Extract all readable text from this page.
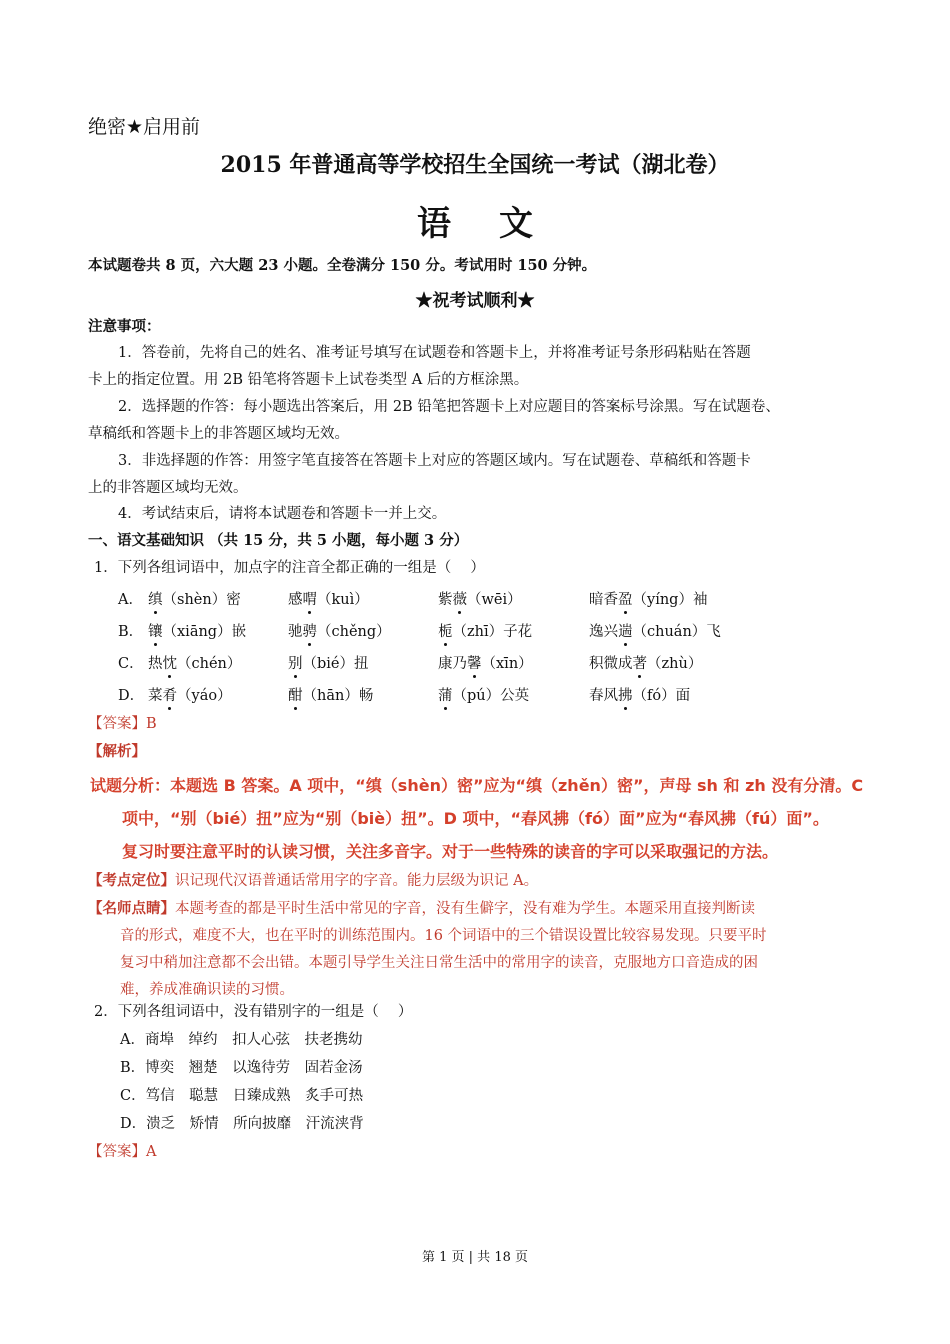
绝密★启用前
2015 年普通高等学校招生全国统一考试（湖北卷）
语文
本试题卷共 8 页，六大题 23 小题。全卷满分 150 分。考试用时 150 分钟。
★祝考试顺利★
注意事项：
1．答卷前，先将自己的姓名、准考证号填写在试题卷和答题卡上，并将准考证号条形码粘贴在答题
卡上的指定位置。用 2B 铅笔将答题卡上试卷类型 A 后的方框涂黑。
2．选择题的作答：每小题选出答案后，用 2B 铅笔把答题卡上对应题目的答案标号涂黑。写在试题卷、
草稿纸和答题卡上的非答题区域均无效。
3．非选择题的作答：用签字笔直接答在答题卡上对应的答题区域内。写在试题卷、草稿纸和答题卡
上的非答题区域均无效。
4．考试结束后，请将本试题卷和答题卡一并上交。
一、语文基础知识 （共 15 分，共 5 小题，每小题 3 分）
1．下列各组词语中，加点字的注音全都正确的一组是（　 ）
A． 缜（shèn）密	感喟（kuì）	紫薇（wēi）	暗香盈（yíng）袖
B． 镶（xiāng）嵌	驰骋（chěng）	栀（zhī）子花	逸兴遄（chuán）飞
C． 热忱（chén）	别（bié）扭	康乃馨（xīn）	积微成著（zhù）
D． 菜肴（yáo）	酣（hān）畅	蒲（pú）公英	春风拂（fó）面
【答案】B
【解析】
试题分析：本题选 B 答案。A 项中，“缜（shèn）密”应为“缜（zhěn）密”，声母 sh 和 zh 没有分清。C
项中，“别（bié）扭”应为“别（biè）扭”。D 项中，“春风拂（fó）面”应为“春风拂（fú）面”。
复习时要注意平时的认读习惯，关注多音字。对于一些特殊的读音的字可以采取强记的方法。
【考点定位】识记现代汉语普通话常用字的字音。能力层级为识记 A。
【名师点睛】本题考查的都是平时生活中常见的字音，没有生僻字，没有难为学生。本题采用直接判断读
音的形式，难度不大，也在平时的训练范围内。16 个词语中的三个错误设置比较容易发现。只要平时
复习中稍加注意都不会出错。本题引导学生关注日常生活中的常用字的读音，克服地方口音造成的困
难，养成准确识读的习惯。
2．下列各组词语中，没有错别字的一组是（　 ）
A．商埠　绰约　扣人心弦　扶老携幼
B．博奕　翘楚　以逸待劳　固若金汤
C．笃信　聪慧　日臻成熟　炙手可热
D．溃乏　矫情　所向披靡　汗流浃背
【答案】A
第 1 页 | 共 18 页
